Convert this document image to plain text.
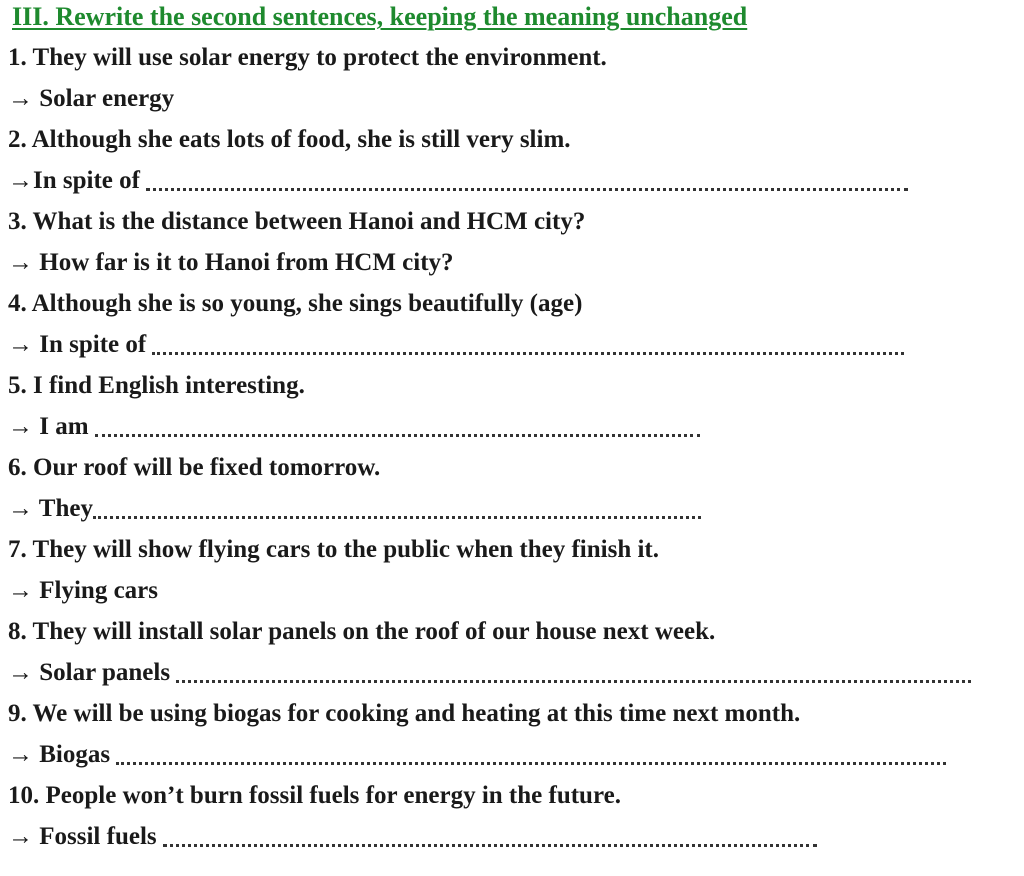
III. Rewrite the second sentences, keeping the meaning unchanged
1. They will use solar energy to protect the environment.
→ Solar energy
2. Although she eats lots of food, she is still very slim.
→In spite of
3. What is the distance between Hanoi and HCM city?
→ How far is it to Hanoi from HCM city?
4. Although she is so young, she sings beautifully (age)
→ In spite of
5. I find English interesting.
→ I am
6. Our roof will be fixed tomorrow.
→ They
7. They will show flying cars to the public when they finish it.
→ Flying cars
8. They will install solar panels on the roof of our house next week.
→ Solar panels
9. We will be using biogas for cooking and heating at this time next month.
→ Biogas
10. People won’t burn fossil fuels for energy in the future.
→ Fossil fuels
